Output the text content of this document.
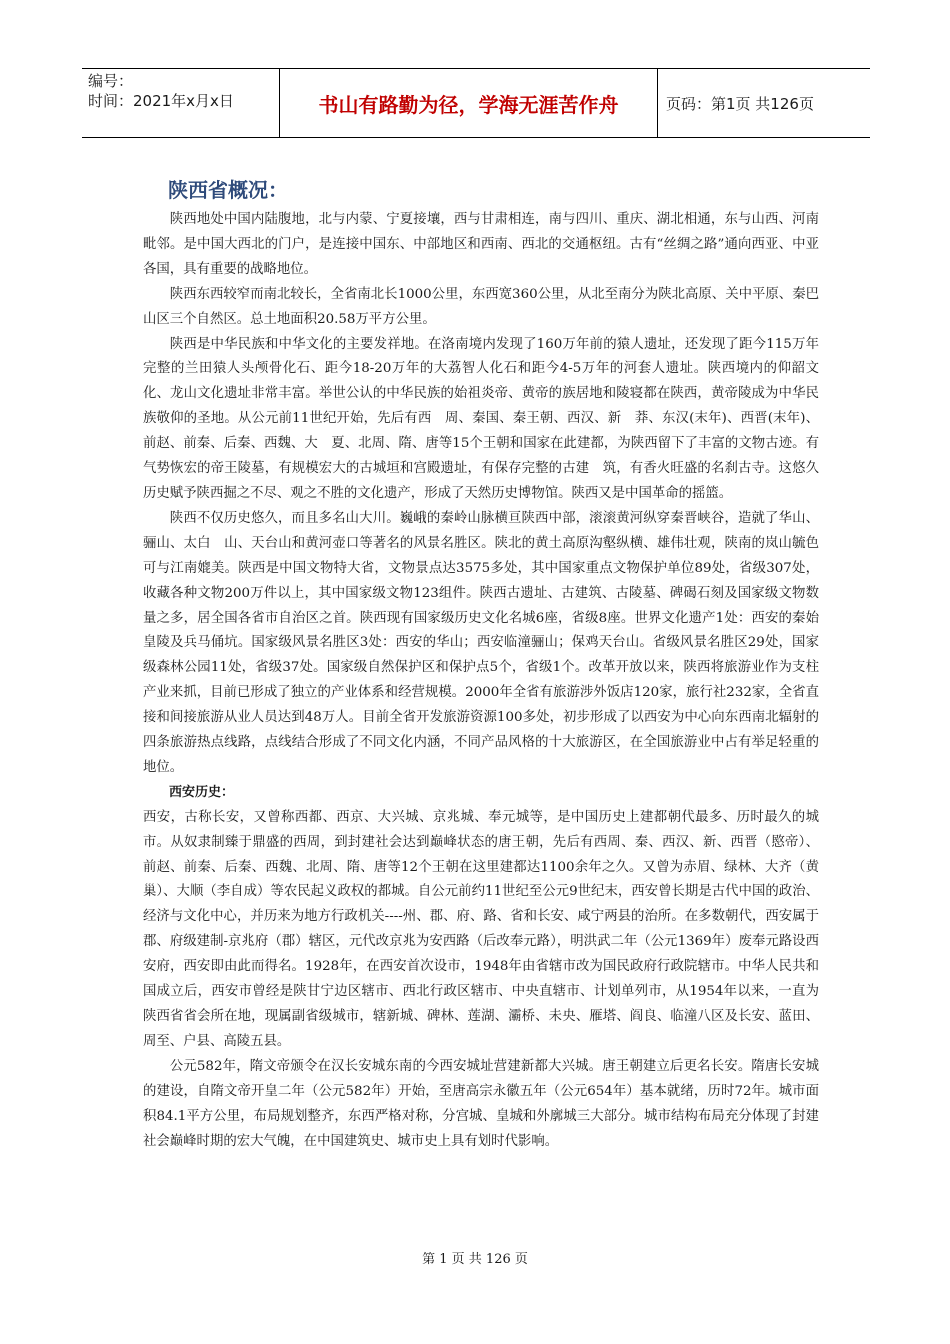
编号：
时间：2021年x月x日	书山有路勤为径，学海无涯苦作舟	页码：第1页 共126页
陕西省概况：

陕西地处中国内陆腹地，北与内蒙、宁夏接壤，西与甘肃相连，南与四川、重庆、湖北相通，东与山西、河南毗邻。是中国大西北的门户，是连接中国东、中部地区和西南、西北的交通枢纽。古有“丝绸之路”通向西亚、中亚各国，具有重要的战略地位。

陕西东西较窄而南北较长，全省南北长1000公里，东西宽360公里，从北至南分为陕北高原、关中平原、秦巴山区三个自然区。总土地面积20.58万平方公里。

陕西是中华民族和中华文化的主要发祥地。在洛南境内发现了160万年前的猿人遗址，还发现了距今115万年完整的兰田猿人头颅骨化石、距今18-20万年的大荔智人化石和距今4-5万年的河套人遗址。陕西境内的仰韶文化、龙山文化遗址非常丰富。举世公认的中华民族的始祖炎帝、黄帝的族居地和陵寝都在陕西，黄帝陵成为中华民族敬仰的圣地。从公元前11世纪开始，先后有西　周、秦国、秦王朝、西汉、新　莽、东汉(末年)、西晋(末年)、前赵、前秦、后秦、西魏、大　夏、北周、隋、唐等15个王朝和国家在此建都，为陕西留下了丰富的文物古迹。有气势恢宏的帝王陵墓，有规模宏大的古城垣和宫殿遗址，有保存完整的古建　筑，有香火旺盛的名刹古寺。这悠久历史赋予陕西掘之不尽、观之不胜的文化遗产，形成了天然历史博物馆。陕西又是中国革命的摇篮。

陕西不仅历史悠久，而且多名山大川。巍峨的秦岭山脉横亘陕西中部，滚滚黄河纵穿秦晋峡谷，造就了华山、骊山、太白　山、天台山和黄河壶口等著名的风景名胜区。陕北的黄土高原沟壑纵横、雄伟壮观，陕南的岚山毓色可与江南媲美。陕西是中国文物特大省，文物景点达3575多处，其中国家重点文物保护单位89处，省级307处，收藏各种文物200万件以上，其中国家级文物123组件。陕西古遗址、古建筑、古陵墓、碑碣石刻及国家级文物数量之多，居全国各省市自治区之首。陕西现有国家级历史文化名城6座，省级8座。世界文化遗产1处：西安的秦始皇陵及兵马俑坑。国家级风景名胜区3处：西安的华山；西安临潼骊山；保鸡天台山。省级风景名胜区29处，国家级森林公园11处，省级37处。国家级自然保护区和保护点5个，省级1个。改革开放以来，陕西将旅游业作为支柱产业来抓，目前已形成了独立的产业体系和经营规模。2000年全省有旅游涉外饭店120家，旅行社232家，全省直接和间接旅游从业人员达到48万人。目前全省开发旅游资源100多处，初步形成了以西安为中心向东西南北辐射的四条旅游热点线路，点线结合形成了不同文化内涵，不同产品风格的十大旅游区，在全国旅游业中占有举足轻重的地位。

西安历史：

西安，古称长安，又曾称西都、西京、大兴城、京兆城、奉元城等，是中国历史上建都朝代最多、历时最久的城市。从奴隶制臻于鼎盛的西周，到封建社会达到巅峰状态的唐王朝，先后有西周、秦、西汉、新、西晋（愍帝）、前赵、前秦、后秦、西魏、北周、隋、唐等12个王朝在这里建都达1100余年之久。又曾为赤眉、绿林、大齐（黄巢）、大顺（李自成）等农民起义政权的都城。自公元前约11世纪至公元9世纪末，西安曾长期是古代中国的政治、经济与文化中心，并历来为地方行政机关----州、郡、府、路、省和长安、咸宁两县的治所。在多数朝代，西安属于郡、府级建制-京兆府（郡）辖区，元代改京兆为安西路（后改奉元路），明洪武二年（公元1369年）废奉元路设西安府，西安即由此而得名。1928年，在西安首次设市，1948年由省辖市改为国民政府行政院辖市。中华人民共和国成立后，西安市曾经是陕甘宁边区辖市、西北行政区辖市、中央直辖市、计划单列市，从1954年以来，一直为陕西省省会所在地，现属副省级城市，辖新城、碑林、莲湖、灞桥、未央、雁塔、阎良、临潼八区及长安、蓝田、周至、户县、高陵五县。

公元582年，隋文帝颁令在汉长安城东南的今西安城址营建新都大兴城。唐王朝建立后更名长安。隋唐长安城的建设，自隋文帝开皇二年（公元582年）开始，至唐高宗永徽五年（公元654年）基本就绪，历时72年。城市面积84.1平方公里，布局规划整齐，东西严格对称，分宫城、皇城和外廓城三大部分。城市结构布局充分体现了封建社会巅峰时期的宏大气魄，在中国建筑史、城市史上具有划时代影响。

第 1 页 共 126 页
